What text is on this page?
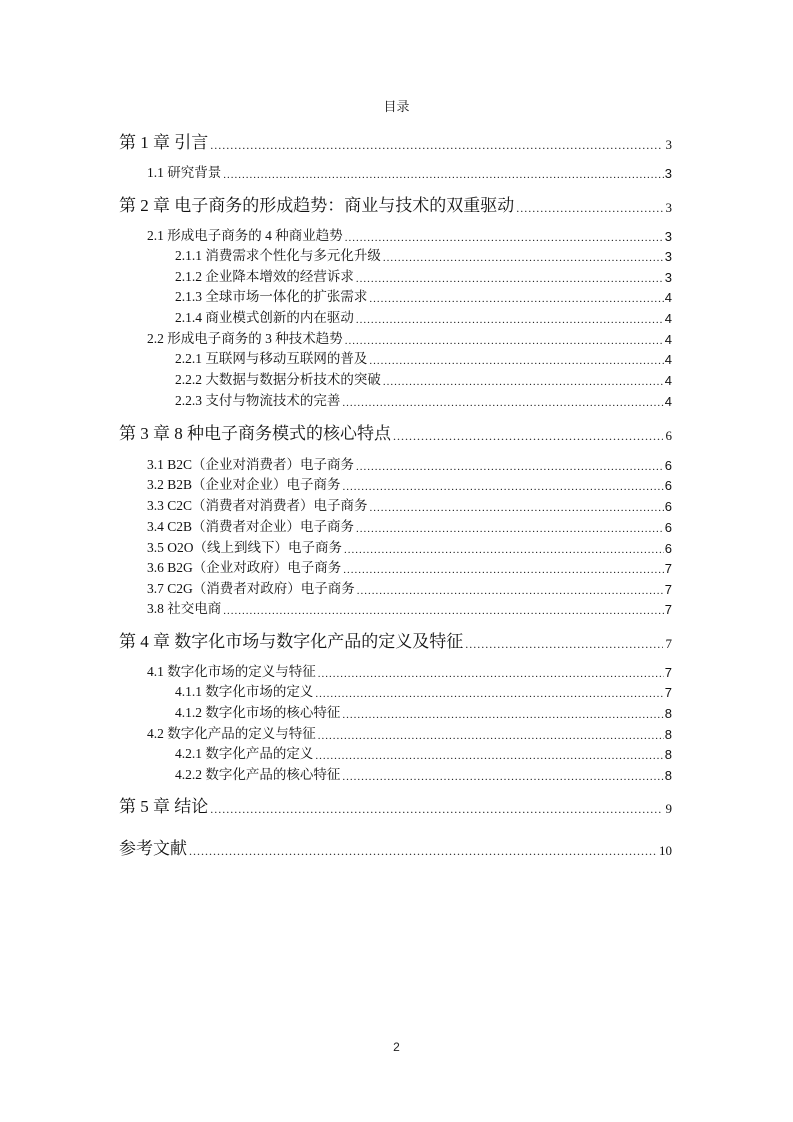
目录
第 1 章 引言 .....	3
1.1 研究背景 .....	3
第 2 章 电子商务的形成趋势：商业与技术的双重驱动 .....	3
2.1 形成电子商务的 4 种商业趋势 .....	3
2.1.1 消费需求个性化与多元化升级 .....	3
2.1.2 企业降本增效的经营诉求 .....	3
2.1.3 全球市场一体化的扩张需求 .....	4
2.1.4 商业模式创新的内在驱动 .....	4
2.2 形成电子商务的 3 种技术趋势 .....	4
2.2.1 互联网与移动互联网的普及 .....	4
2.2.2 大数据与数据分析技术的突破 .....	4
2.2.3 支付与物流技术的完善 .....	4
第 3 章 8 种电子商务模式的核心特点 .....	6
3.1 B2C（企业对消费者）电子商务 .....	6
3.2 B2B（企业对企业）电子商务 .....	6
3.3 C2C（消费者对消费者）电子商务 .....	6
3.4 C2B（消费者对企业）电子商务 .....	6
3.5 O2O（线上到线下）电子商务 .....	6
3.6 B2G（企业对政府）电子商务 .....	7
3.7 C2G（消费者对政府）电子商务 .....	7
3.8 社交电商 .....	7
第 4 章 数字化市场与数字化产品的定义及特征 .....	7
4.1 数字化市场的定义与特征 .....	7
4.1.1 数字化市场的定义 .....	7
4.1.2 数字化市场的核心特征 .....	8
4.2 数字化产品的定义与特征 .....	8
4.2.1 数字化产品的定义 .....	8
4.2.2 数字化产品的核心特征 .....	8
第 5 章 结论 .....	9
参考文献 .....	10
2
